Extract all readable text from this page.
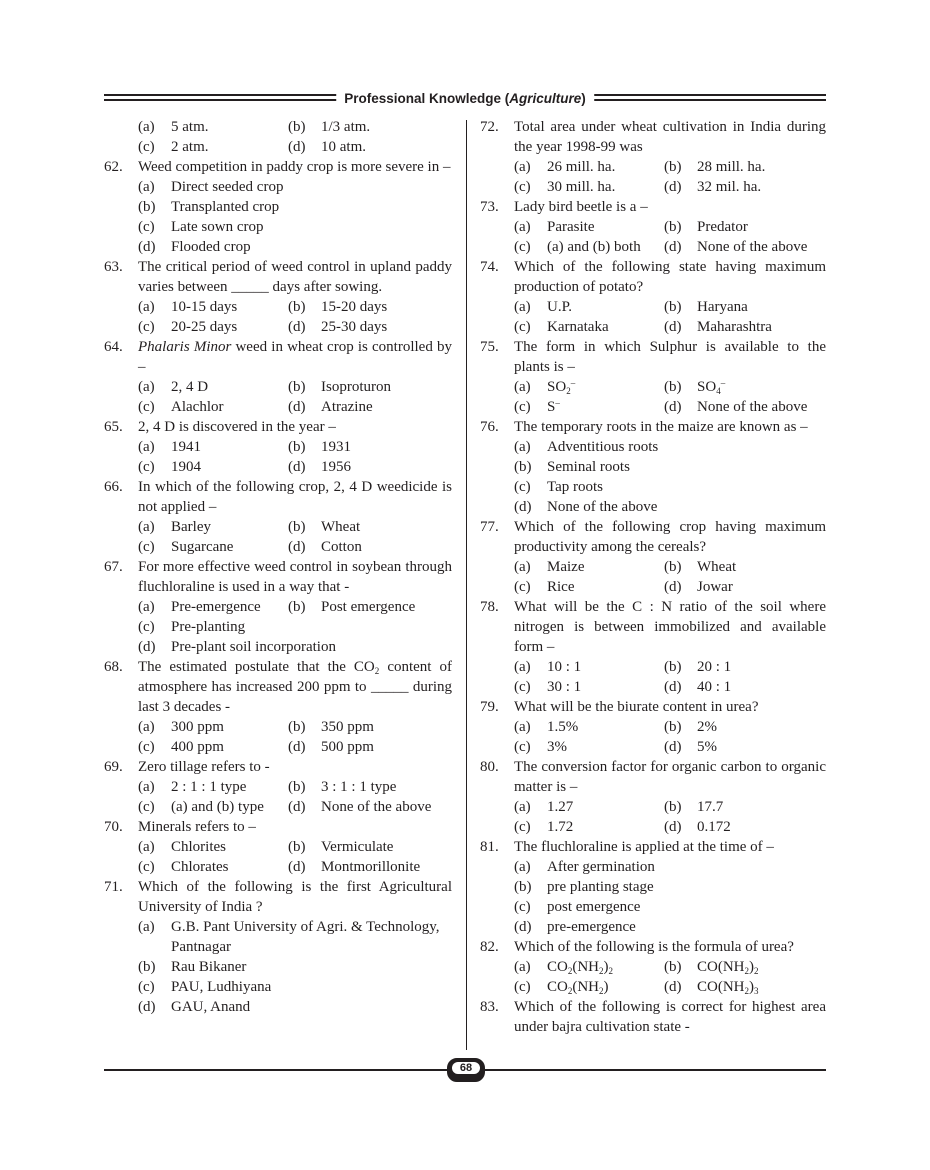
Professional Knowledge (Agriculture)
(a)	5 atm.	(b)	1/3 atm.
(c)	2 atm.	(d)	10 atm.
62.	Weed competition in paddy crop is more severe in –
(a)	Direct seeded crop
(b)	Transplanted crop
(c)	Late sown crop
(d)	Flooded crop
63.	The critical period of weed control in upland paddy varies between _____ days after sowing.
(a)	10-15 days	(b)	15-20 days
(c)	20-25 days	(d)	25-30 days
64.	Phalaris Minor weed in wheat crop is controlled by –
(a)	2, 4 D	(b)	Isoproturon
(c)	Alachlor	(d)	Atrazine
65.	2, 4 D is discovered in the year –
(a)	1941	(b)	1931
(c)	1904	(d)	1956
66.	In which of the following crop, 2, 4 D weedicide is not applied –
(a)	Barley	(b)	Wheat
(c)	Sugarcane	(d)	Cotton
67.	For more effective weed control in soybean through fluchloraline is used in a way that -
(a)	Pre-emergence (b)	Post emergence
(c)	Pre-planting
(d)	Pre-plant soil incorporation
68.	The estimated postulate that the $CO_2$ content of atmosphere has increased 200 ppm to _____ during last 3 decades -
(a)	300 ppm	(b)	350 ppm
(c)	400 ppm	(d)	500 ppm
69.	Zero tillage refers to -
(a)	2 : 1 : 1 type	(b)	3 : 1 : 1 type
(c)	(a) and (b) type (d)	None of the above
70.	Minerals refers to –
(a)	Chlorites	(b)	Vermiculate
(c)	Chlorates	(d)	Montmorillonite
71.	Which of the following is the first Agricultural University of India ?
(a)	G.B. Pant University of Agri. & Technology, Pantnagar
(b)	Rau Bikaner
(c)	PAU, Ludhiyana
(d)	GAU, Anand
72.	Total area under wheat cultivation in India during the year 1998-99 was
(a)	26 mill. ha.	(b)	28 mill. ha.
(c)	30 mill. ha.	(d)	32 mil. ha.
73.	Lady bird beetle is a –
(a)	Parasite	(b)	Predator
(c)	(a) and (b) both (d)	None of the above
74.	Which of the following state having maximum production of potato?
(a)	U.P.	(b)	Haryana
(c)	Karnataka	(d)	Maharashtra
75.	The form in which Sulphur is available to the plants is –
(a)	$SO_2^-$	(b)	$SO_4^-$
(c)	S–	(d)	None of the above
76.	The temporary roots in the maize are known as –
(a)	Adventitious roots
(b)	Seminal roots
(c)	Tap roots
(d)	None of the above
77.	Which of the following crop having maximum productivity among the cereals?
(a)	Maize	(b)	Wheat
(c)	Rice	(d)	Jowar
78.	What will be the C : N ratio of the soil where nitrogen is between immobilized and available form –
(a)	10 : 1	(b)	20 : 1
(c)	30 : 1	(d)	40 : 1
79.	What will be the biurate content in urea?
(a)	1.5%	(b)	2%
(c)	3%	(d)	5%
80.	The conversion factor for organic carbon to organic matter is –
(a)	1.27	(b)	17.7
(c)	1.72	(d)	0.172
81.	The fluchloraline is applied at the time of –
(a)	After germination
(b)	pre planting stage
(c)	post emergence
(d)	pre-emergence
82.	Which of the following is the formula of urea?
(a)	$CO_2(NH_2)_2$	(b)	$CO(NH_2)_2$
(c)	$CO_2(NH_2)$	(d)	$CO(NH_2)_3$
83.	Which of the following is correct for highest area under bajra cultivation state -
68
